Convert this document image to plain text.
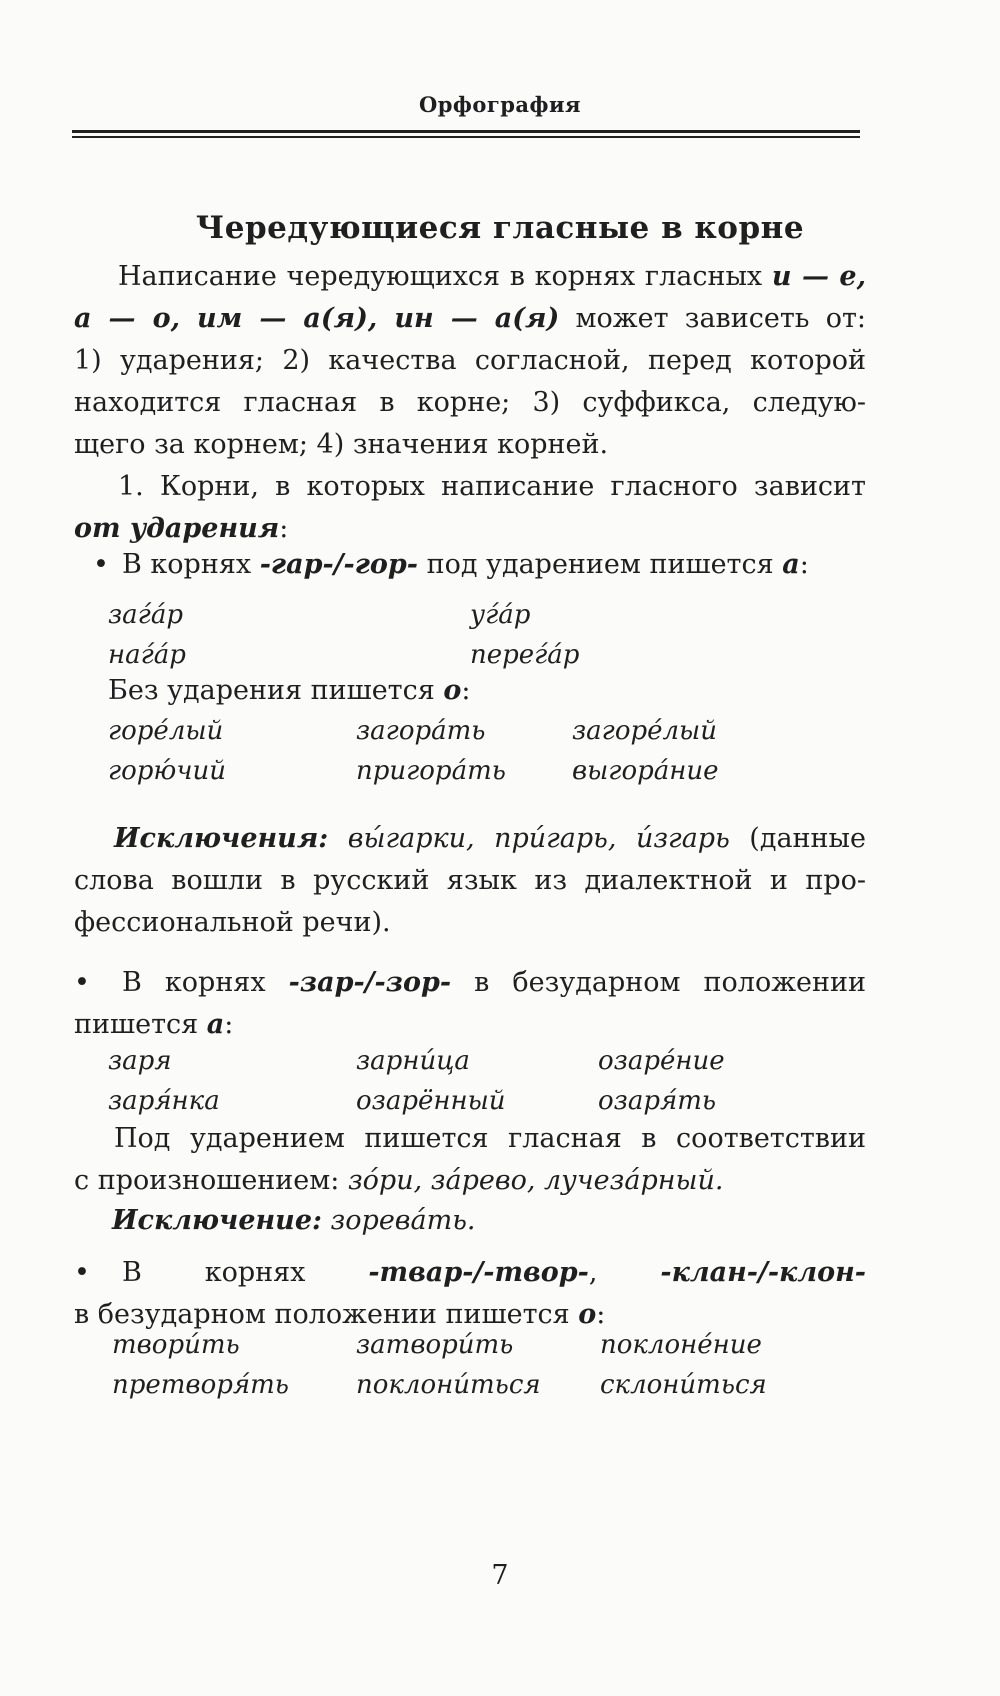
Орфография
Чередующиеся гласные в корне
Написание чередующихся в корнях гласных и — е,
а — о, им — а(я), ин — а(я) может зависеть от:
1) ударения; 2) качества согласной, перед которой
находится гласная в корне; 3) суффикса, следую-
щего за корнем; 4) значения корней.
1. Корни, в которых написание гласного зависит
от ударения:
• В корнях -гар-/-гор- под ударением пишется а:
заѓа́р	уѓа́р
наѓа́р	переѓа́р
Без ударения пишется о:
горе́лый	загора́ть	загоре́лый
горю́чий	пригора́ть	выгора́ние
Исключения: вы́гарки, при́гарь, и́згарь (данные
слова вошли в русский язык из диалектной и про-
фессиональной речи).
• В корнях -зар-/-зор- в безударном положении
пишется а:
заря	зарни́ца	озаре́ние
заря́нка	озарённый	озаря́ть
Под ударением пишется гласная в соответствии
с произношением: зо́ри, за́рево, лучеза́рный.
Исключение: зорева́ть.
• В корнях -твар-/-твор-, -клан-/-клон-
в безударном положении пишется о:
твори́ть	затвори́ть	поклоне́ние
претворя́ть	поклони́ться склони́ться
7
